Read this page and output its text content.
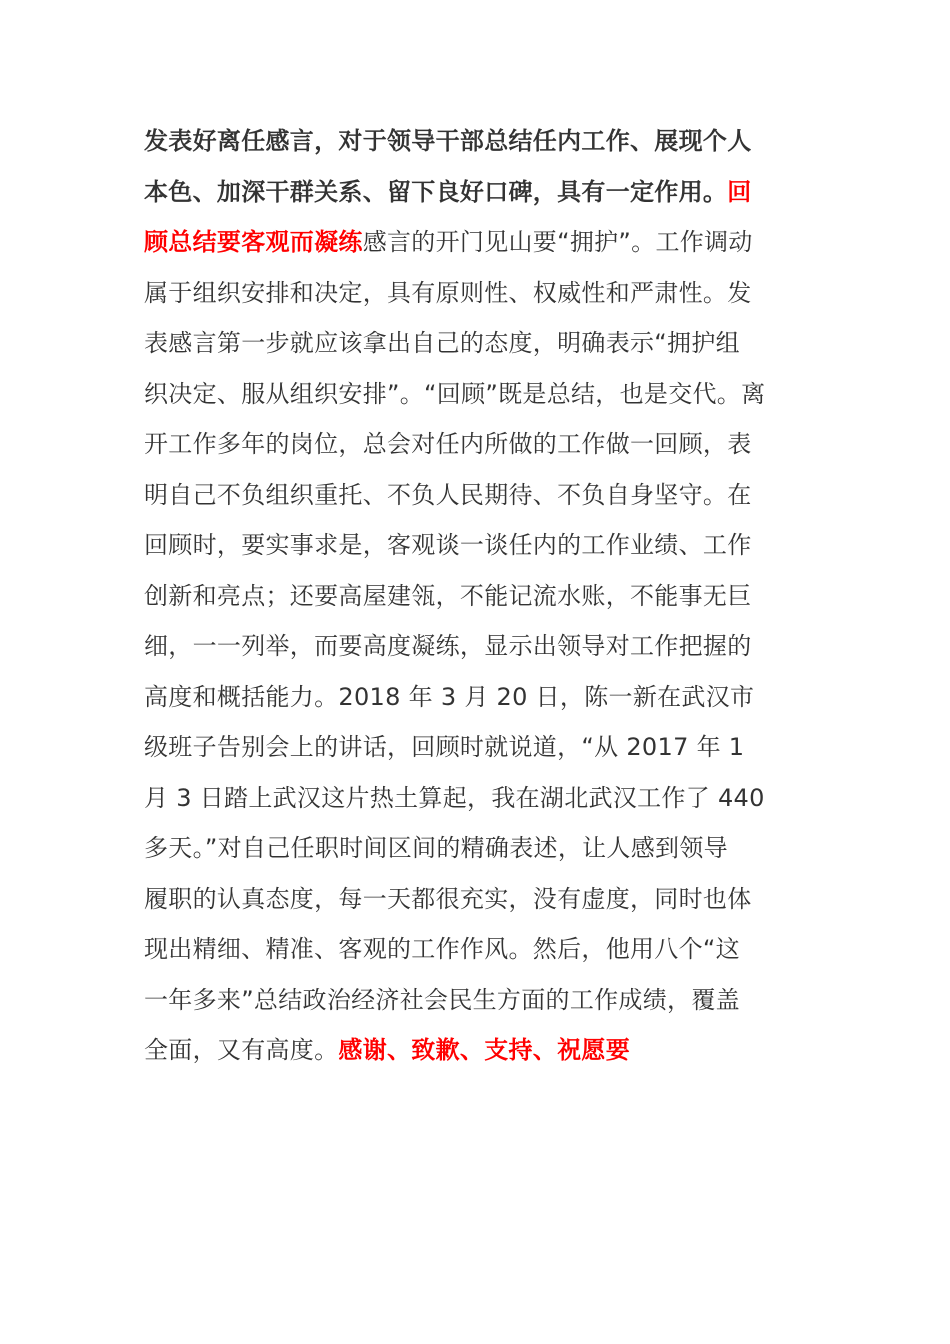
发表好离任感言，对于领导干部总结任内工作、展现个人
本色、加深干群关系、留下良好口碑，具有一定作用。回
顾总结要客观而凝练感言的开门见山要“拥护”。工作调动
属于组织安排和决定，具有原则性、权威性和严肃性。发
表感言第一步就应该拿出自己的态度，明确表示“拥护组
织决定、服从组织安排”。“回顾”既是总结，也是交代。离
开工作多年的岗位，总会对任内所做的工作做一回顾，表
明自己不负组织重托、不负人民期待、不负自身坚守。在
回顾时，要实事求是，客观谈一谈任内的工作业绩、工作
创新和亮点；还要高屋建瓴，不能记流水账，不能事无巨
细，一一列举，而要高度凝练，显示出领导对工作把握的
高度和概括能力。2018 年 3 月 20 日，陈一新在武汉市
级班子告别会上的讲话，回顾时就说道，“从 2017 年 1
月 3 日踏上武汉这片热土算起，我在湖北武汉工作了 440
多天。”对自己任职时间区间的精确表述，让人感到领导
履职的认真态度，每一天都很充实，没有虚度，同时也体
现出精细、精准、客观的工作作风。然后，他用八个“这
一年多来”总结政治经济社会民生方面的工作成绩，覆盖
全面，又有高度。感谢、致歉、支持、祝愿要
